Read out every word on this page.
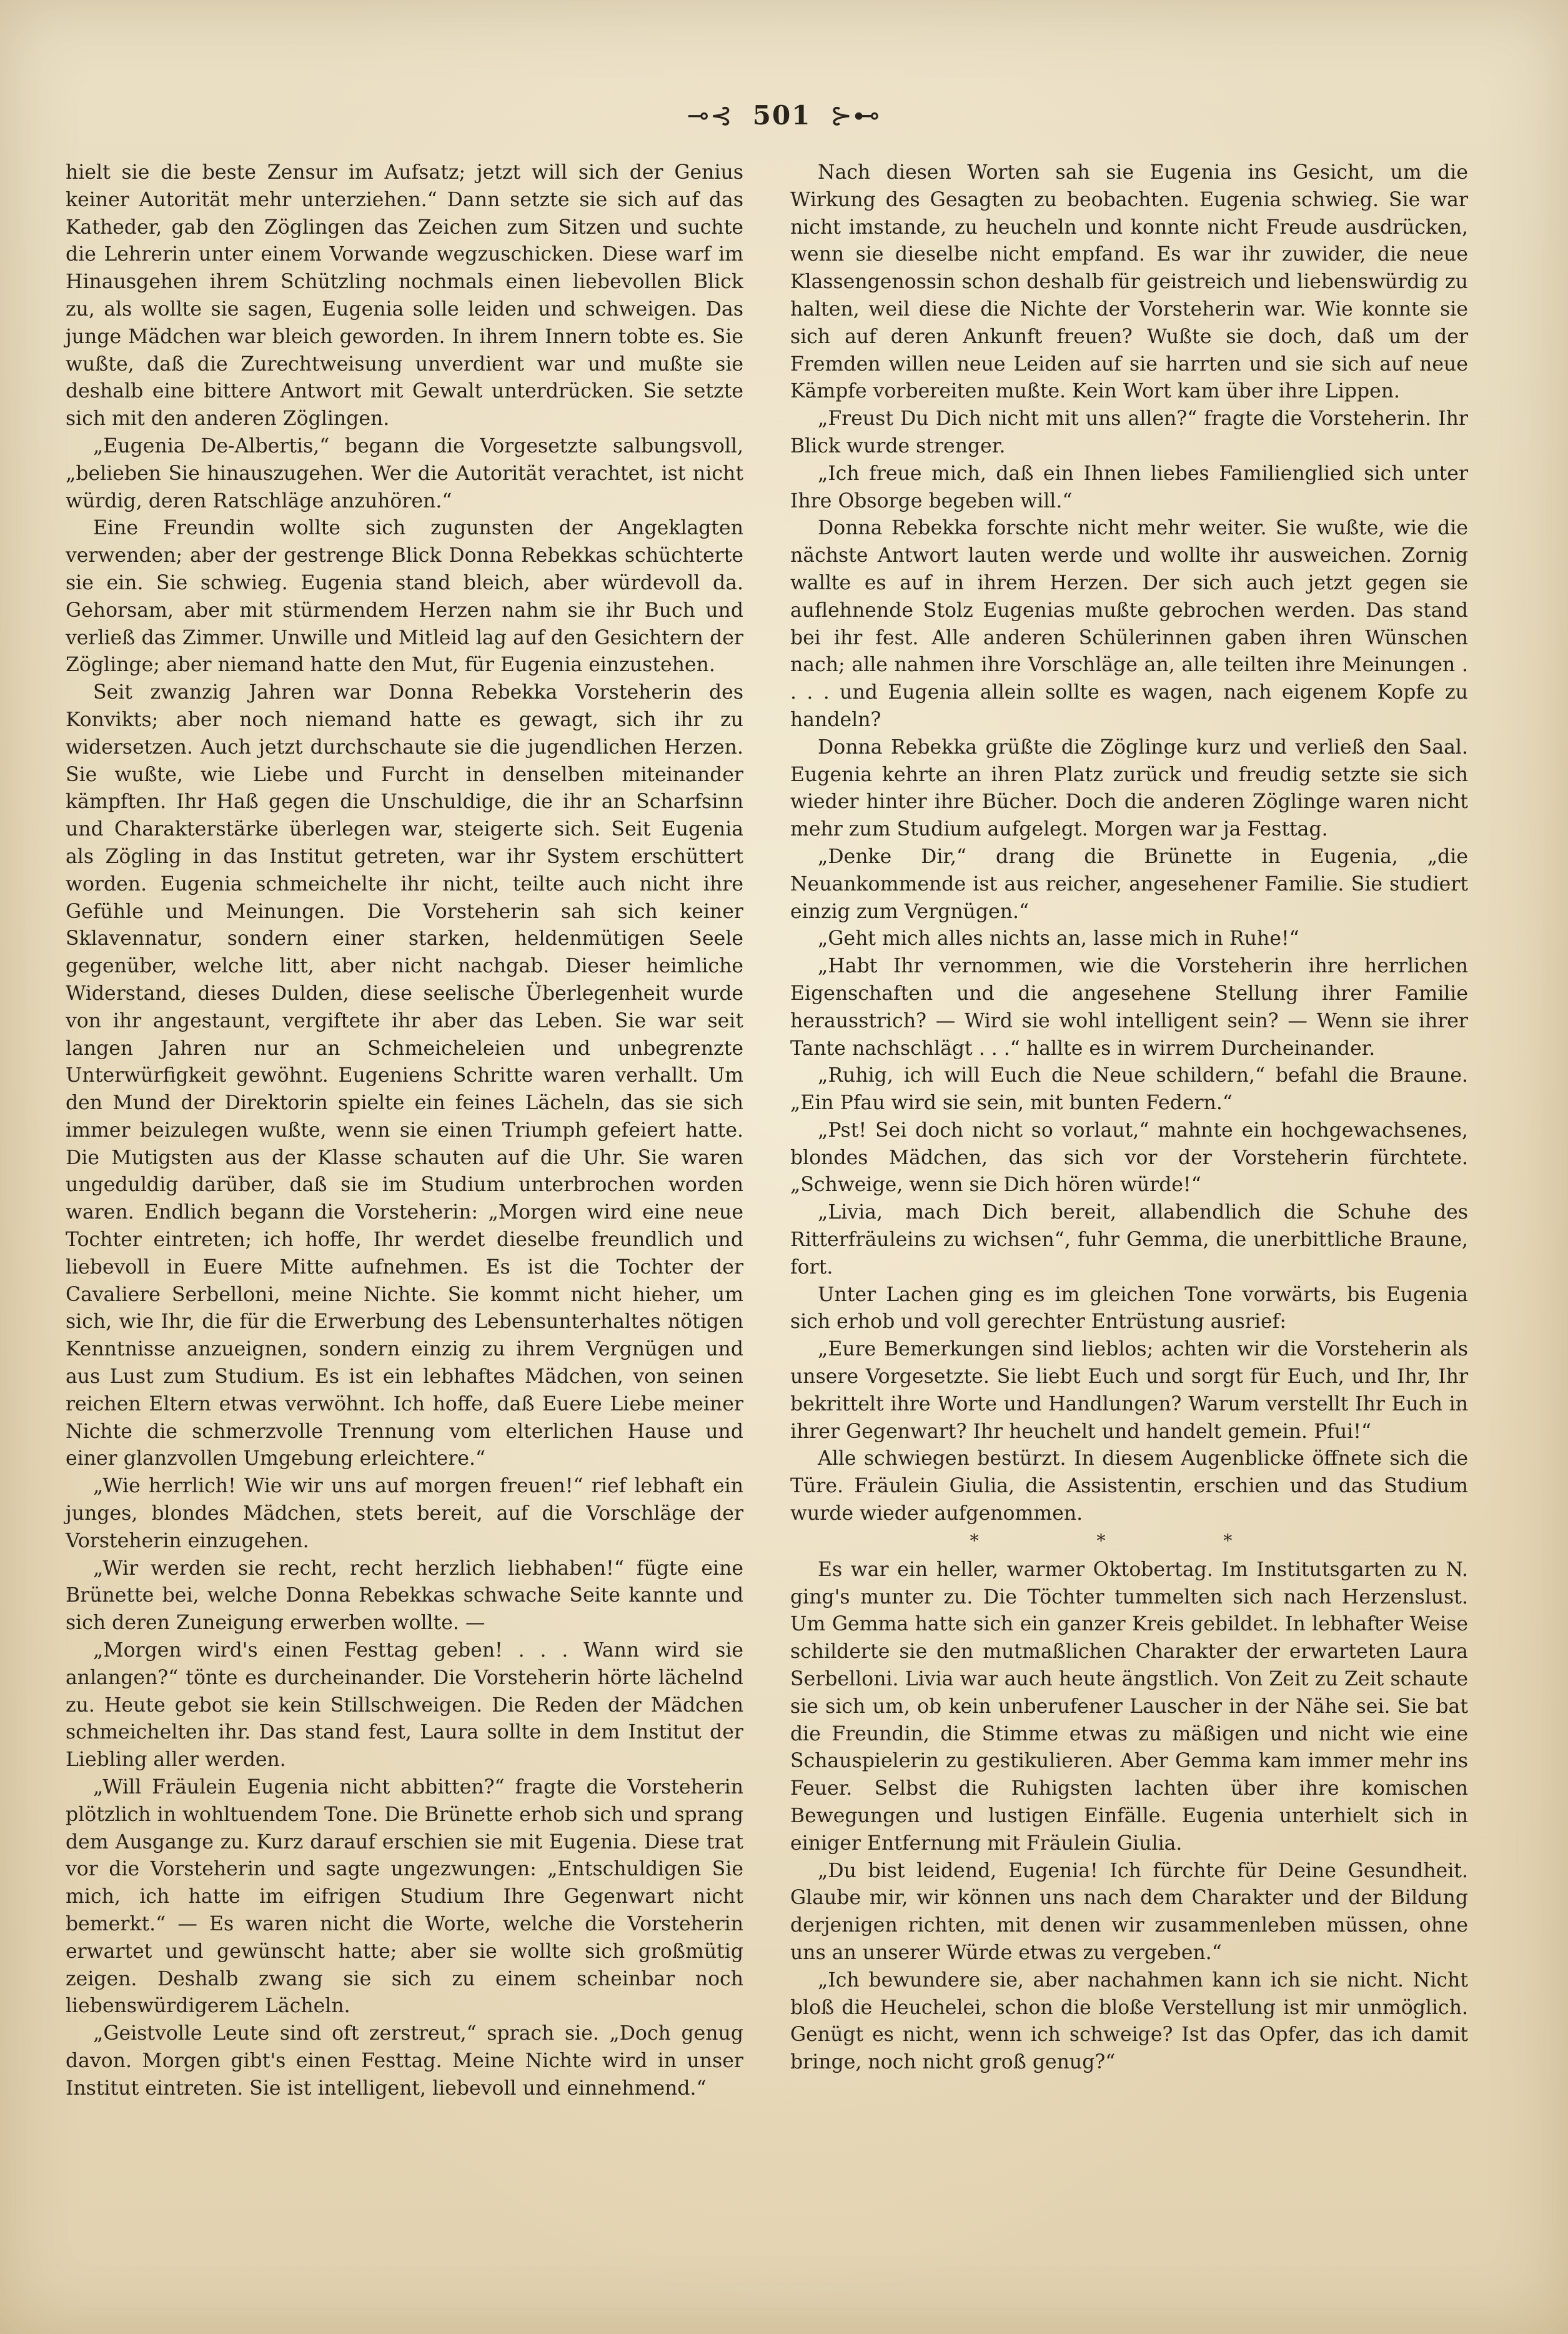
⊸⊰ 501 ⊱⊷

hielt sie die beste Zensur im Aufsatz; jetzt will sich der Genius keiner Autorität mehr unterziehen.“ Dann setzte sie sich auf das Katheder, gab den Zöglingen das Zeichen zum Sitzen und suchte die Lehrerin unter einem Vorwande wegzuschicken. Diese warf im Hinausgehen ihrem Schützling nochmals einen liebevollen Blick zu, als wollte sie sagen, Eugenia solle leiden und schweigen. Das junge Mädchen war bleich geworden. In ihrem Innern tobte es. Sie wußte, daß die Zurechtweisung unverdient war und mußte sie deshalb eine bittere Antwort mit Gewalt unterdrücken. Sie setzte sich mit den anderen Zöglingen.

„Eugenia De-Albertis,“ begann die Vorgesetzte salbungsvoll, „belieben Sie hinauszugehen. Wer die Autorität verachtet, ist nicht würdig, deren Ratschläge anzuhören.“

Eine Freundin wollte sich zugunsten der Angeklagten verwenden; aber der gestrenge Blick Donna Rebekkas schüchterte sie ein. Sie schwieg. Eugenia stand bleich, aber würdevoll da. Gehorsam, aber mit stürmendem Herzen nahm sie ihr Buch und verließ das Zimmer. Unwille und Mitleid lag auf den Gesichtern der Zöglinge; aber niemand hatte den Mut, für Eugenia einzustehen.

Seit zwanzig Jahren war Donna Rebekka Vorsteherin des Konvikts; aber noch niemand hatte es gewagt, sich ihr zu widersetzen. Auch jetzt durchschaute sie die jugendlichen Herzen. Sie wußte, wie Liebe und Furcht in denselben miteinander kämpften. Ihr Haß gegen die Unschuldige, die ihr an Scharfsinn und Charakterstärke überlegen war, steigerte sich. Seit Eugenia als Zögling in das Institut getreten, war ihr System erschüttert worden. Eugenia schmeichelte ihr nicht, teilte auch nicht ihre Gefühle und Meinungen. Die Vorsteherin sah sich keiner Sklavennatur, sondern einer starken, heldenmütigen Seele gegenüber, welche litt, aber nicht nachgab. Dieser heimliche Widerstand, dieses Dulden, diese seelische Überlegenheit wurde von ihr angestaunt, vergiftete ihr aber das Leben. Sie war seit langen Jahren nur an Schmeicheleien und unbegrenzte Unterwürfigkeit gewöhnt. Eugeniens Schritte waren verhallt. Um den Mund der Direktorin spielte ein feines Lächeln, das sie sich immer beizulegen wußte, wenn sie einen Triumph gefeiert hatte. Die Mutigsten aus der Klasse schauten auf die Uhr. Sie waren ungeduldig darüber, daß sie im Studium unterbrochen worden waren. Endlich begann die Vorsteherin: „Morgen wird eine neue Tochter eintreten; ich hoffe, Ihr werdet dieselbe freundlich und liebevoll in Euere Mitte aufnehmen. Es ist die Tochter der Cavaliere Serbelloni, meine Nichte. Sie kommt nicht hieher, um sich, wie Ihr, die für die Erwerbung des Lebensunterhaltes nötigen Kenntnisse anzueignen, sondern einzig zu ihrem Vergnügen und aus Lust zum Studium. Es ist ein lebhaftes Mädchen, von seinen reichen Eltern etwas verwöhnt. Ich hoffe, daß Euere Liebe meiner Nichte die schmerzvolle Trennung vom elterlichen Hause und einer glanzvollen Umgebung erleichtere.“

„Wie herrlich! Wie wir uns auf morgen freuen!“ rief lebhaft ein junges, blondes Mädchen, stets bereit, auf die Vorschläge der Vorsteherin einzugehen.

„Wir werden sie recht, recht herzlich liebhaben!“ fügte eine Brünette bei, welche Donna Rebekkas schwache Seite kannte und sich deren Zuneigung erwerben wollte. —

„Morgen wird's einen Festtag geben! . . . Wann wird sie anlangen?“ tönte es durcheinander. Die Vorsteherin hörte lächelnd zu. Heute gebot sie kein Stillschweigen. Die Reden der Mädchen schmeichelten ihr. Das stand fest, Laura sollte in dem Institut der Liebling aller werden.

„Will Fräulein Eugenia nicht abbitten?“ fragte die Vorsteherin plötzlich in wohltuendem Tone. Die Brünette erhob sich und sprang dem Ausgange zu. Kurz darauf erschien sie mit Eugenia. Diese trat vor die Vorsteherin und sagte ungezwungen: „Entschuldigen Sie mich, ich hatte im eifrigen Studium Ihre Gegenwart nicht bemerkt.“ — Es waren nicht die Worte, welche die Vorsteherin erwartet und gewünscht hatte; aber sie wollte sich großmütig zeigen. Deshalb zwang sie sich zu einem scheinbar noch liebenswürdigerem Lächeln.

„Geistvolle Leute sind oft zerstreut,“ sprach sie. „Doch genug davon. Morgen gibt's einen Festtag. Meine Nichte wird in unser Institut eintreten. Sie ist intelligent, liebevoll und einnehmend.“

Nach diesen Worten sah sie Eugenia ins Gesicht, um die Wirkung des Gesagten zu beobachten. Eugenia schwieg. Sie war nicht imstande, zu heucheln und konnte nicht Freude ausdrücken, wenn sie dieselbe nicht empfand. Es war ihr zuwider, die neue Klassengenossin schon deshalb für geistreich und liebenswürdig zu halten, weil diese die Nichte der Vorsteherin war. Wie konnte sie sich auf deren Ankunft freuen? Wußte sie doch, daß um der Fremden willen neue Leiden auf sie harrten und sie sich auf neue Kämpfe vorbereiten mußte. Kein Wort kam über ihre Lippen.

„Freust Du Dich nicht mit uns allen?“ fragte die Vorsteherin. Ihr Blick wurde strenger.

„Ich freue mich, daß ein Ihnen liebes Familienglied sich unter Ihre Obsorge begeben will.“

Donna Rebekka forschte nicht mehr weiter. Sie wußte, wie die nächste Antwort lauten werde und wollte ihr ausweichen. Zornig wallte es auf in ihrem Herzen. Der sich auch jetzt gegen sie auflehnende Stolz Eugenias mußte gebrochen werden. Das stand bei ihr fest. Alle anderen Schülerinnen gaben ihren Wünschen nach; alle nahmen ihre Vorschläge an, alle teilten ihre Meinungen . . . . und Eugenia allein sollte es wagen, nach eigenem Kopfe zu handeln?

Donna Rebekka grüßte die Zöglinge kurz und verließ den Saal. Eugenia kehrte an ihren Platz zurück und freudig setzte sie sich wieder hinter ihre Bücher. Doch die anderen Zöglinge waren nicht mehr zum Studium aufgelegt. Morgen war ja Festtag.

„Denke Dir,“ drang die Brünette in Eugenia, „die Neuankommende ist aus reicher, angesehener Familie. Sie studiert einzig zum Vergnügen.“

„Geht mich alles nichts an, lasse mich in Ruhe!“

„Habt Ihr vernommen, wie die Vorsteherin ihre herrlichen Eigenschaften und die angesehene Stellung ihrer Familie herausstrich? — Wird sie wohl intelligent sein? — Wenn sie ihrer Tante nachschlägt . . .“ hallte es in wirrem Durcheinander.

„Ruhig, ich will Euch die Neue schildern,“ befahl die Braune. „Ein Pfau wird sie sein, mit bunten Federn.“

„Pst! Sei doch nicht so vorlaut,“ mahnte ein hochgewachsenes, blondes Mädchen, das sich vor der Vorsteherin fürchtete. „Schweige, wenn sie Dich hören würde!“

„Livia, mach Dich bereit, allabendlich die Schuhe des Ritterfräuleins zu wichsen“, fuhr Gemma, die unerbittliche Braune, fort.

Unter Lachen ging es im gleichen Tone vorwärts, bis Eugenia sich erhob und voll gerechter Entrüstung ausrief:

„Eure Bemerkungen sind lieblos; achten wir die Vorsteherin als unsere Vorgesetzte. Sie liebt Euch und sorgt für Euch, und Ihr, Ihr bekrittelt ihre Worte und Handlungen? Warum verstellt Ihr Euch in ihrer Gegenwart? Ihr heuchelt und handelt gemein. Pfui!“

Alle schwiegen bestürzt. In diesem Augenblicke öffnete sich die Türe. Fräulein Giulia, die Assistentin, erschien und das Studium wurde wieder aufgenommen.

* * *

Es war ein heller, warmer Oktobertag. Im Institutsgarten zu N. ging's munter zu. Die Töchter tummelten sich nach Herzenslust. Um Gemma hatte sich ein ganzer Kreis gebildet. In lebhafter Weise schilderte sie den mutmaßlichen Charakter der erwarteten Laura Serbelloni. Livia war auch heute ängstlich. Von Zeit zu Zeit schaute sie sich um, ob kein unberufener Lauscher in der Nähe sei. Sie bat die Freundin, die Stimme etwas zu mäßigen und nicht wie eine Schauspielerin zu gestikulieren. Aber Gemma kam immer mehr ins Feuer. Selbst die Ruhigsten lachten über ihre komischen Bewegungen und lustigen Einfälle. Eugenia unterhielt sich in einiger Entfernung mit Fräulein Giulia.

„Du bist leidend, Eugenia! Ich fürchte für Deine Gesundheit. Glaube mir, wir können uns nach dem Charakter und der Bildung derjenigen richten, mit denen wir zusammenleben müssen, ohne uns an unserer Würde etwas zu vergeben.“

„Ich bewundere sie, aber nachahmen kann ich sie nicht. Nicht bloß die Heuchelei, schon die bloße Verstellung ist mir unmöglich. Genügt es nicht, wenn ich schweige? Ist das Opfer, das ich damit bringe, noch nicht groß genug?“
